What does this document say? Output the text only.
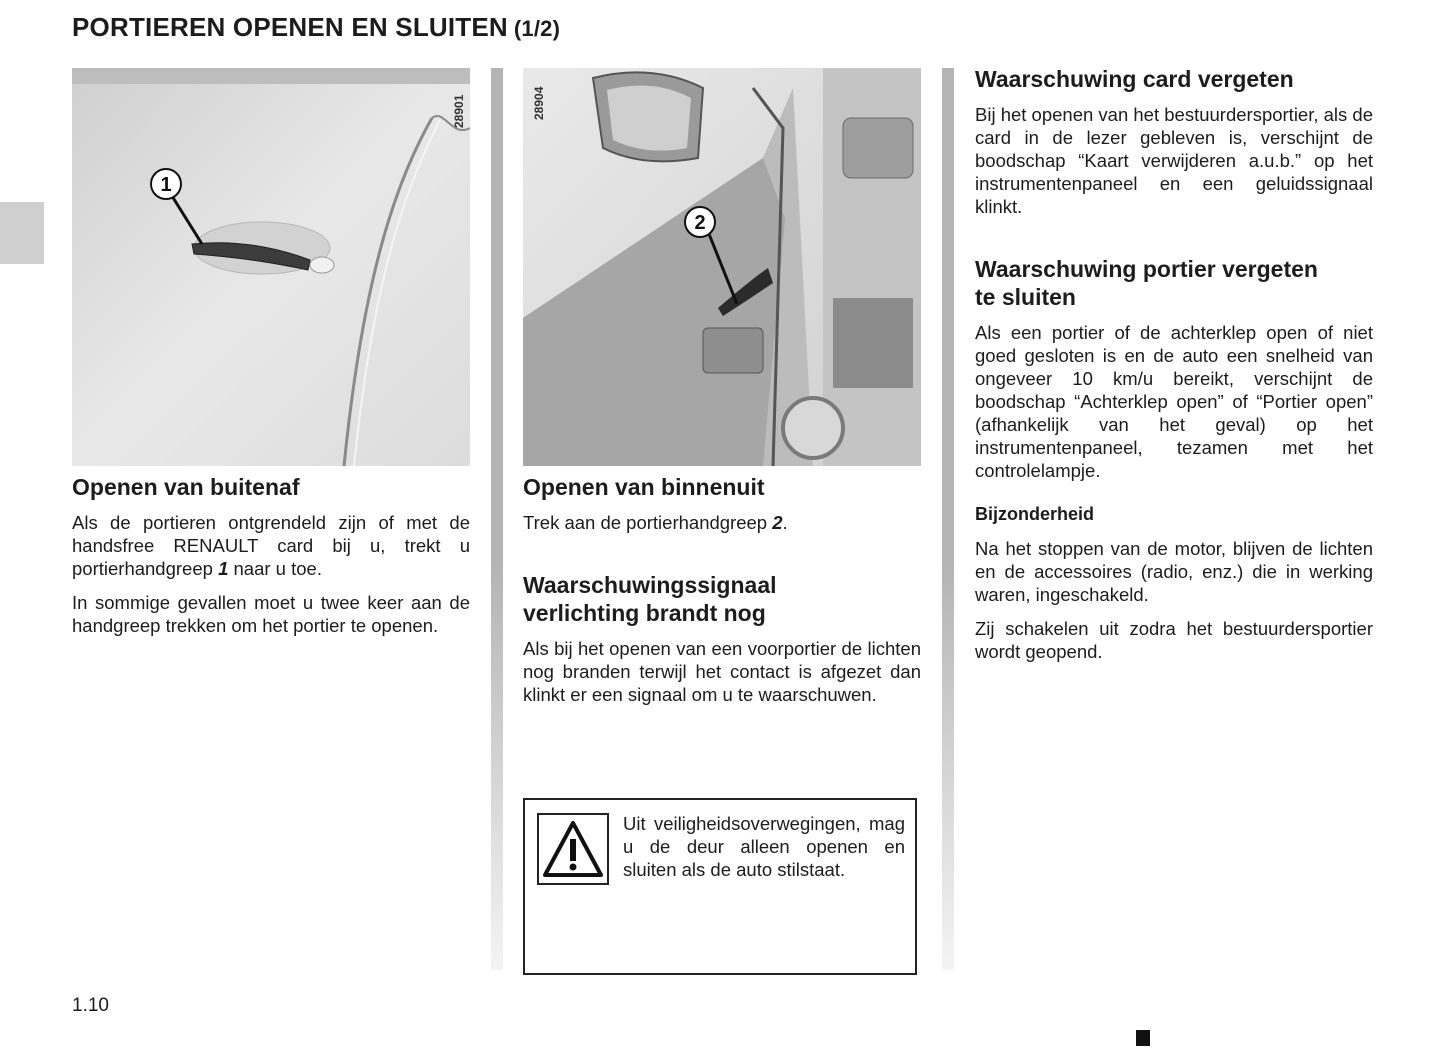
PORTIEREN OPENEN EN SLUITEN (1/2)
1
28901
2
28904
Openen van buitenaf

Als de portieren ontgrendeld zijn of met de handsfree RENAULT card bij u, trekt u portierhandgreep 1 naar u toe.

In sommige gevallen moet u twee keer aan de handgreep trekken om het portier te openen.

Openen van binnenuit

Trek aan de portierhandgreep 2.

Waarschuwingssignaal
verlichting brandt nog

Als bij het openen van een voorportier de lichten nog branden terwijl het contact is afgezet dan klinkt er een signaal om u te waarschuwen.

Uit veiligheidsoverwegingen, mag u de deur alleen openen en sluiten als de auto stilstaat.

Waarschuwing card vergeten

Bij het openen van het bestuurdersportier, als de card in de lezer gebleven is, verschijnt de boodschap “Kaart verwijderen a.u.b.” op het instrumentenpaneel en een geluidssignaal klinkt.

Waarschuwing portier vergeten
te sluiten

Als een portier of de achterklep open of niet goed gesloten is en de auto een snelheid van ongeveer 10 km/u bereikt, verschijnt de boodschap “Achterklep open” of “Portier open” (afhankelijk van het geval) op het instrumentenpaneel, tezamen met het controlelampje.

Bijzonderheid

Na het stoppen van de motor, blijven de lichten en de accessoires (radio, enz.) die in werking waren, ingeschakeld.

Zij schakelen uit zodra het bestuurdersportier wordt geopend.

1.10
